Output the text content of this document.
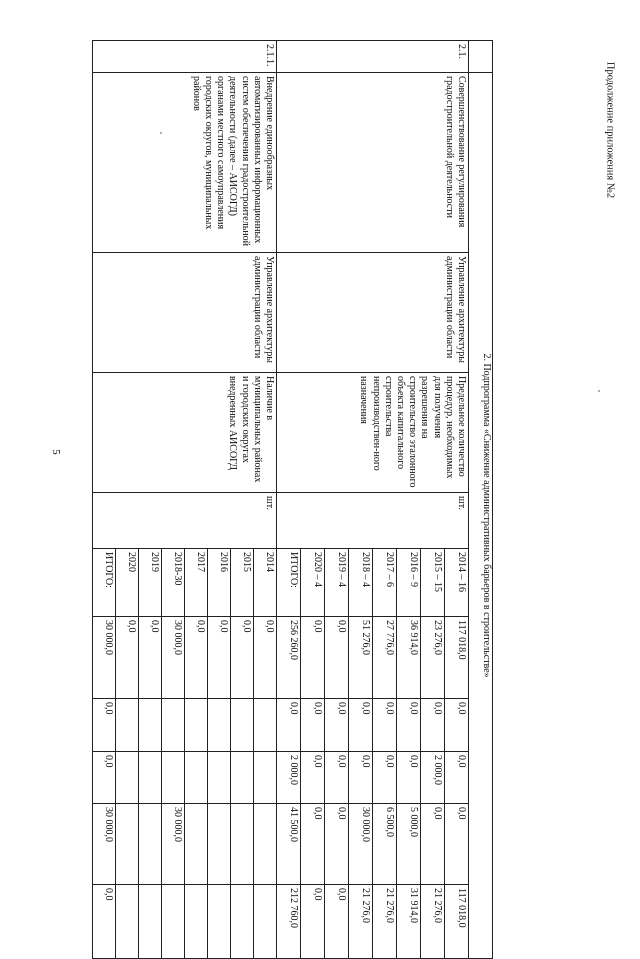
5
Продолжение приложения №2
	2. Подпрограмма «Снижение административных барьеров в строительстве»									
2.1.	Совершенствование регулирования градостроительной деятельности	Управление архитектуры администрации области	Предельное количество процедур, необходимых для получения разрешения на строительство эталонного объекта капитального строительства непроизводствен-ного назначения	шт.	2014 – 16	117 018,0	0,0	0,0	0,0	117 018,0
					2015 – 15	23 276,0	0,0	2 000,0	0,0	21 276,0
					2016 – 9	36 914,0	0,0	0,0	5 000,0	31 914,0
					2017 – 6	27 776,0	0,0	0,0	6 500,0	21 276,0
					2018 – 4	51 276,0	0,0	0,0	30 000,0	21 276,0
					2019 – 4	0,0	0,0	0,0	0,0	0,0
					2020 – 4	0,0	0,0	0,0	0,0	0,0
					ИТОГО:	256 260,0	0,0	2 000,0	41 500,0	212 760,0
2.1.1.	Внедрение единообразных автоматизированных информационных систем обеспечения градостроительной деятельности (далее – АИСОГД) органами местного самоуправления городских округов, муниципальных районов	Управление архитектуры администрации области	Наличие в муниципальных районах и городских округах внедренных АИСОГД	шт.	2014	0,0				
					2015	0,0				
					2016	0,0				
					2017	0,0				
					2018-30	30 000,0			30 000,0	
					2019	0,0				
					2020	0,0				
					ИТОГО:	30 000,0	0,0	0,0	30 000,0	0,0
